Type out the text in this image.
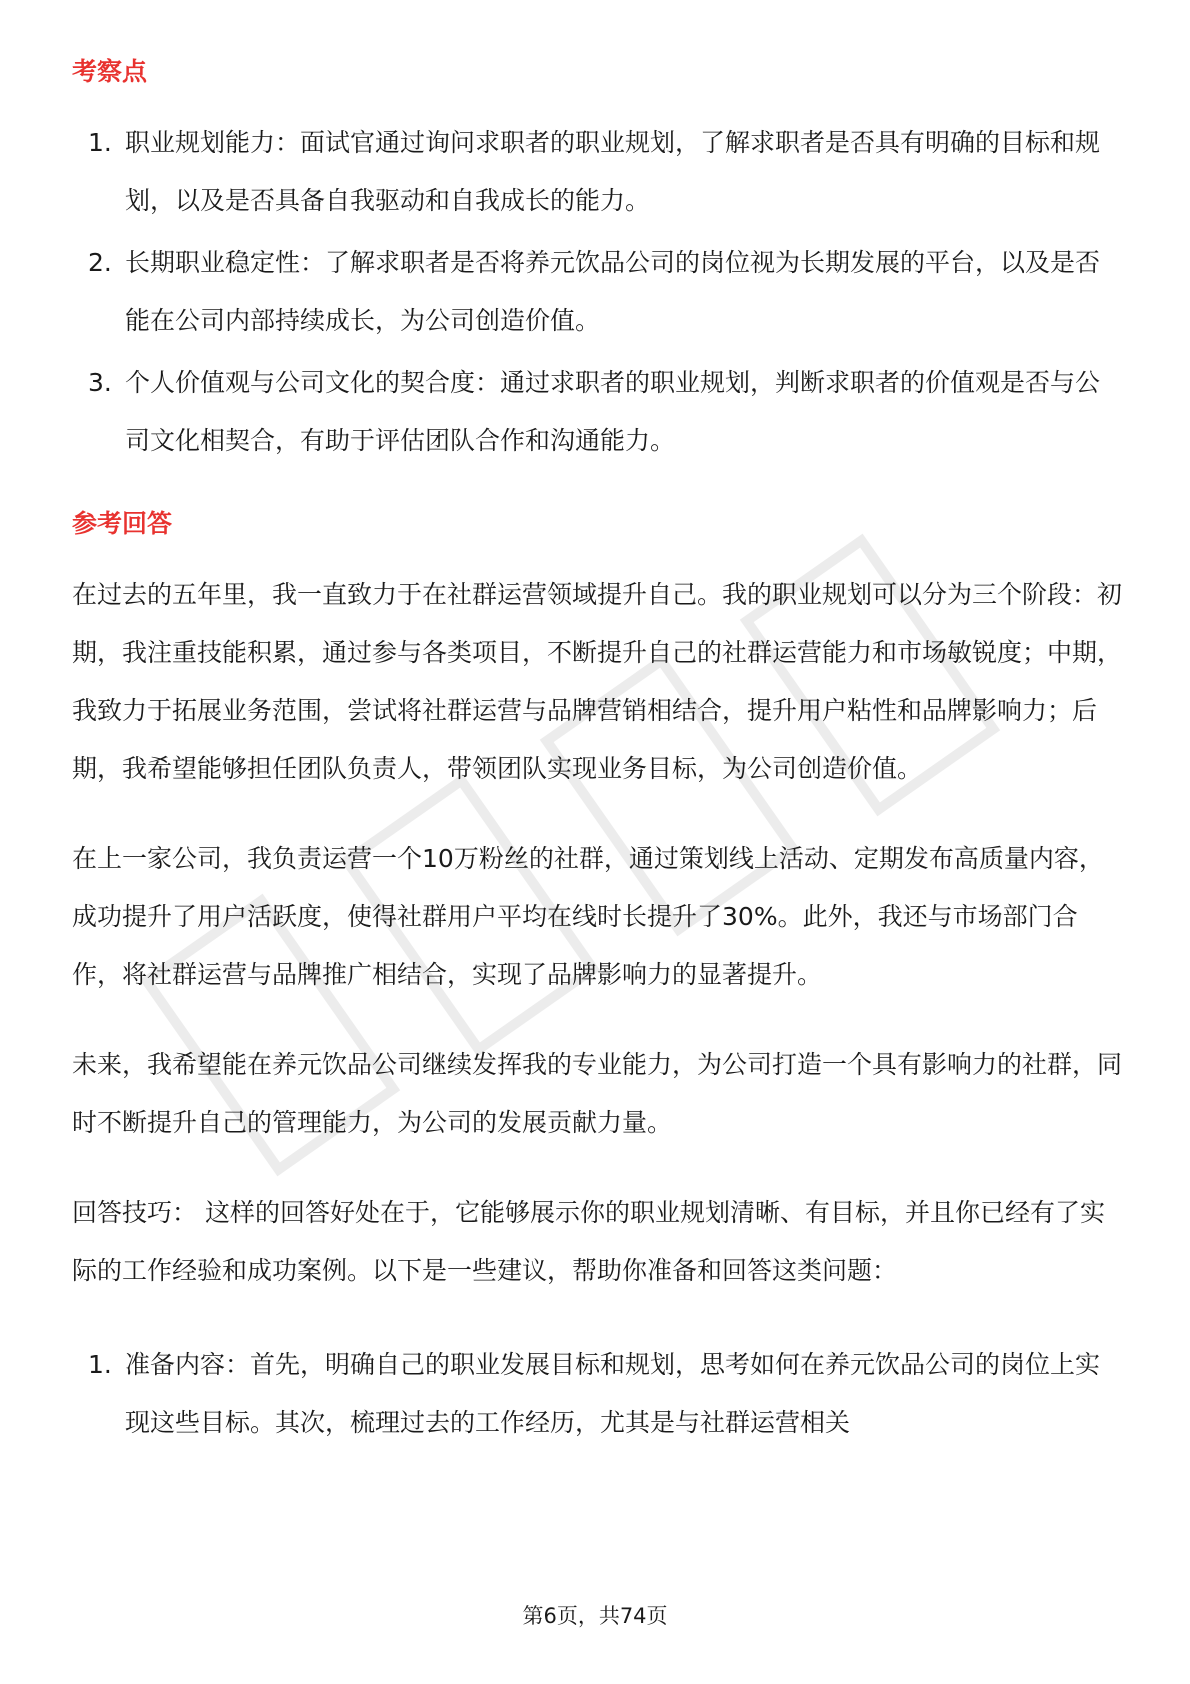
考察点
1. 职业规划能力：面试官通过询问求职者的职业规划，了解求职者是否具有明确的目标和规划，以及是否具备自我驱动和自我成长的能力。
2. 长期职业稳定性：了解求职者是否将养元饮品公司的岗位视为长期发展的平台，以及是否能在公司内部持续成长，为公司创造价值。
3. 个人价值观与公司文化的契合度：通过求职者的职业规划，判断求职者的价值观是否与公司文化相契合，有助于评估团队合作和沟通能力。
参考回答

在过去的五年里，我一直致力于在社群运营领域提升自己。我的职业规划可以分为三个阶段：初期，我注重技能积累，通过参与各类项目，不断提升自己的社群运营能力和市场敏锐度；中期，我致力于拓展业务范围，尝试将社群运营与品牌营销相结合，提升用户粘性和品牌影响力；后期，我希望能够担任团队负责人，带领团队实现业务目标，为公司创造价值。

在上一家公司，我负责运营一个10万粉丝的社群，通过策划线上活动、定期发布高质量内容，成功提升了用户活跃度，使得社群用户平均在线时长提升了30%。此外，我还与市场部门合作，将社群运营与品牌推广相结合，实现了品牌影响力的显著提升。

未来，我希望能在养元饮品公司继续发挥我的专业能力，为公司打造一个具有影响力的社群，同时不断提升自己的管理能力，为公司的发展贡献力量。

回答技巧： 这样的回答好处在于，它能够展示你的职业规划清晰、有目标，并且你已经有了实际的工作经验和成功案例。以下是一些建议，帮助你准备和回答这类问题：

1. 准备内容：首先，明确自己的职业发展目标和规划，思考如何在养元饮品公司的岗位上实现这些目标。其次，梳理过去的工作经历，尤其是与社群运营相关
第6页，共74页
